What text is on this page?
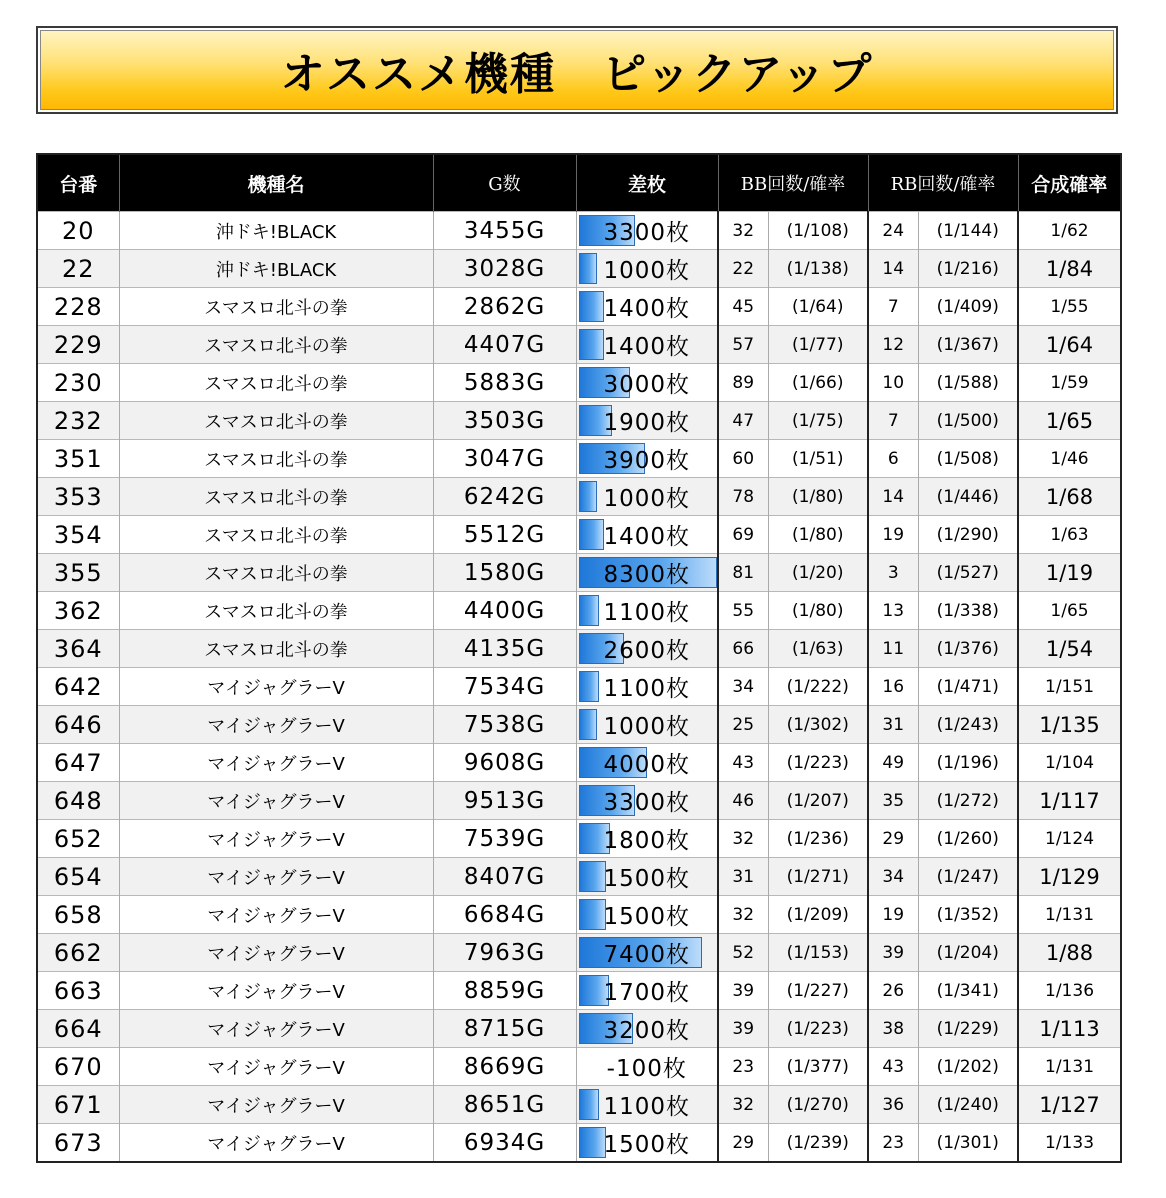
オススメ機種　ピックアップ
台番	機種名	G数	差枚	BB回数/確率		RB回数/確率		合成確率
20	沖ドキ!BLACK	3455G	3300枚	32	(1/108)	24	(1/144)	1/62
22	沖ドキ!BLACK	3028G	1000枚	22	(1/138)	14	(1/216)	1/84
228	スマスロ北斗の拳	2862G	1400枚	45	(1/64)	7	(1/409)	1/55
229	スマスロ北斗の拳	4407G	1400枚	57	(1/77)	12	(1/367)	1/64
230	スマスロ北斗の拳	5883G	3000枚	89	(1/66)	10	(1/588)	1/59
232	スマスロ北斗の拳	3503G	1900枚	47	(1/75)	7	(1/500)	1/65
351	スマスロ北斗の拳	3047G	3900枚	60	(1/51)	6	(1/508)	1/46
353	スマスロ北斗の拳	6242G	1000枚	78	(1/80)	14	(1/446)	1/68
354	スマスロ北斗の拳	5512G	1400枚	69	(1/80)	19	(1/290)	1/63
355	スマスロ北斗の拳	1580G	8300枚	81	(1/20)	3	(1/527)	1/19
362	スマスロ北斗の拳	4400G	1100枚	55	(1/80)	13	(1/338)	1/65
364	スマスロ北斗の拳	4135G	2600枚	66	(1/63)	11	(1/376)	1/54
642	マイジャグラーV	7534G	1100枚	34	(1/222)	16	(1/471)	1/151
646	マイジャグラーV	7538G	1000枚	25	(1/302)	31	(1/243)	1/135
647	マイジャグラーV	9608G	4000枚	43	(1/223)	49	(1/196)	1/104
648	マイジャグラーV	9513G	3300枚	46	(1/207)	35	(1/272)	1/117
652	マイジャグラーV	7539G	1800枚	32	(1/236)	29	(1/260)	1/124
654	マイジャグラーV	8407G	1500枚	31	(1/271)	34	(1/247)	1/129
658	マイジャグラーV	6684G	1500枚	32	(1/209)	19	(1/352)	1/131
662	マイジャグラーV	7963G	7400枚	52	(1/153)	39	(1/204)	1/88
663	マイジャグラーV	8859G	1700枚	39	(1/227)	26	(1/341)	1/136
664	マイジャグラーV	8715G	3200枚	39	(1/223)	38	(1/229)	1/113
670	マイジャグラーV	8669G	-100枚	23	(1/377)	43	(1/202)	1/131
671	マイジャグラーV	8651G	1100枚	32	(1/270)	36	(1/240)	1/127
673	マイジャグラーV	6934G	1500枚	29	(1/239)	23	(1/301)	1/133
